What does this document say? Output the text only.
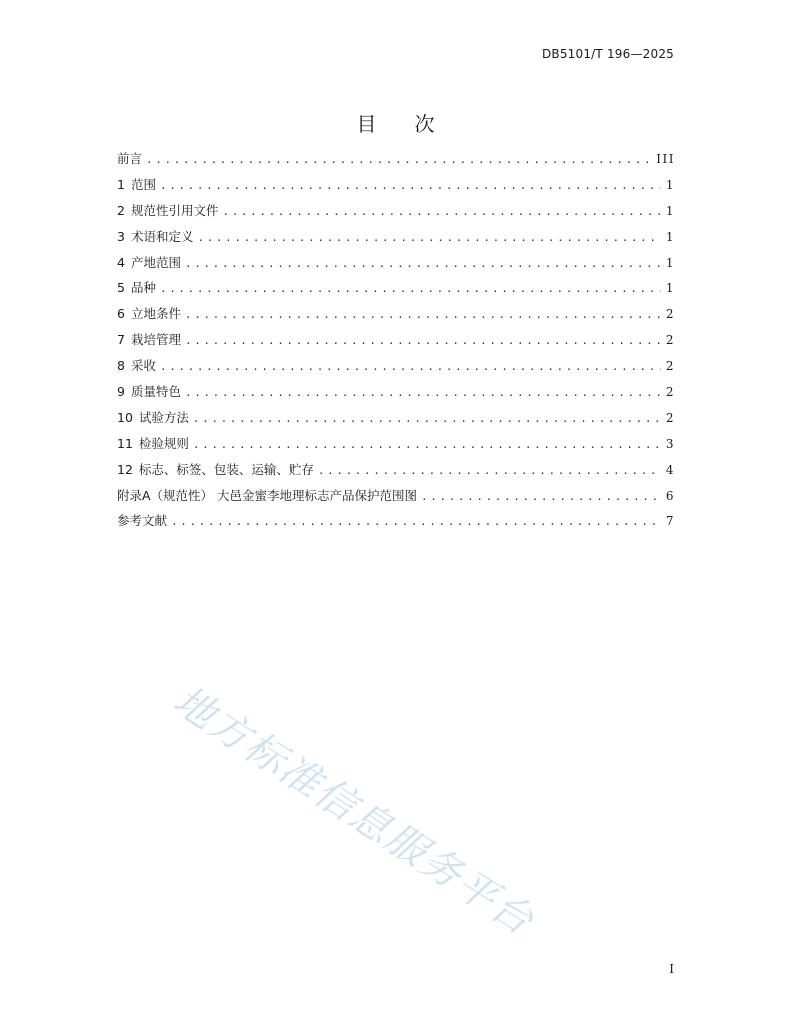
DB5101/T 196—2025
目 次
前言 .....	III
1 范围 .....	1
2 规范性引用文件 .....	1
3 术语和定义 .....	1
4 产地范围 .....	1
5 品种 .....	1
6 立地条件 .....	2
7 栽培管理 .....	2
8 采收 .....	2
9 质量特色 .....	2
10 试验方法 .....	2
11 检验规则 .....	3
12 标志、标签、包装、运输、贮存 .....	4
附录A（规范性） 大邑金蜜李地理标志产品保护范围图 .....	6
参考文献 .....	7
地方标准信息服务平台
I
